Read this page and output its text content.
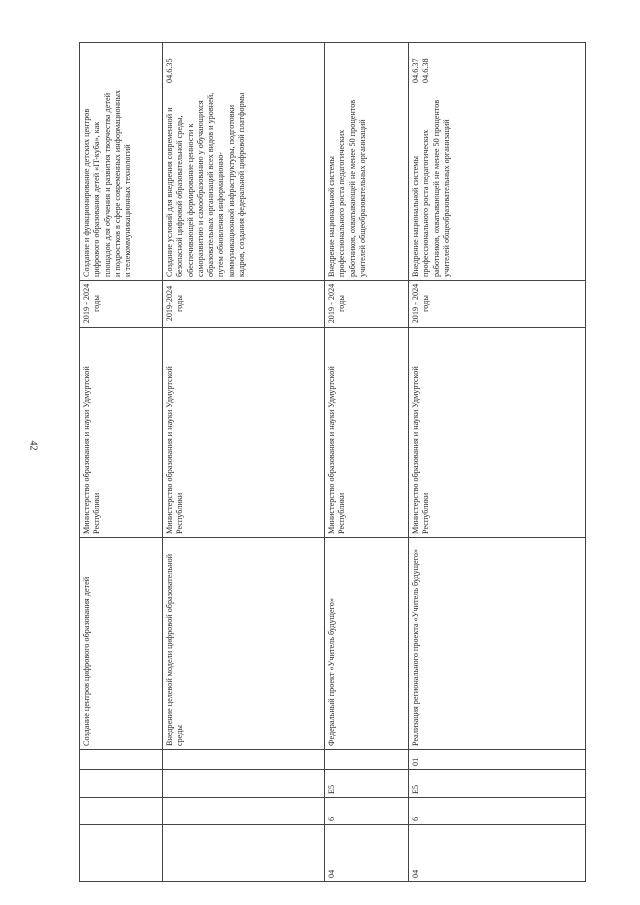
42
Создание и функционирование детских центров цифрового образования детей «IT-куба», как площадок для обучения и развития творчества детей и подростков в сфере современных информационных и телекоммуникационных технологий
2019 - 2024 годы
Министерство образования и науки Удмуртской Республики
Создание центров цифрового образования детей
04.6.35
Создание условий для внедрения современной и безопасной цифровой образовательной среды, обеспечивающей формирование ценности к саморазвитию и самообразованию у обучающихся образовательных организаций всех видов и уровней, путем обновления информационно-коммуникационной инфраструктуры, подготовки кадров, создания федеральной цифровой платформы
2019-2024 годы
Министерство образования и науки Удмуртской Республики
Внедрение целевой модели цифровой образовательной среды
Внедрение национальной системы профессионального роста педагогических работников, охватывающей не менее 50 процентов учителей общеобразовательных организаций
2019 - 2024 годы
Министерство образования и науки Удмуртской Республики
Федеральный проект «Учитель будущего»
Е5
6
04
04.6.37
04.6.38
Внедрение национальной системы профессионального роста педагогических работников, охватывающей не менее 50 процентов учителей общеобразовательных организаций
2019 - 2024 годы
Министерство образования и науки Удмуртской Республики
Реализация регионального проекта «Учитель будущего»
01
Е5
6
04
